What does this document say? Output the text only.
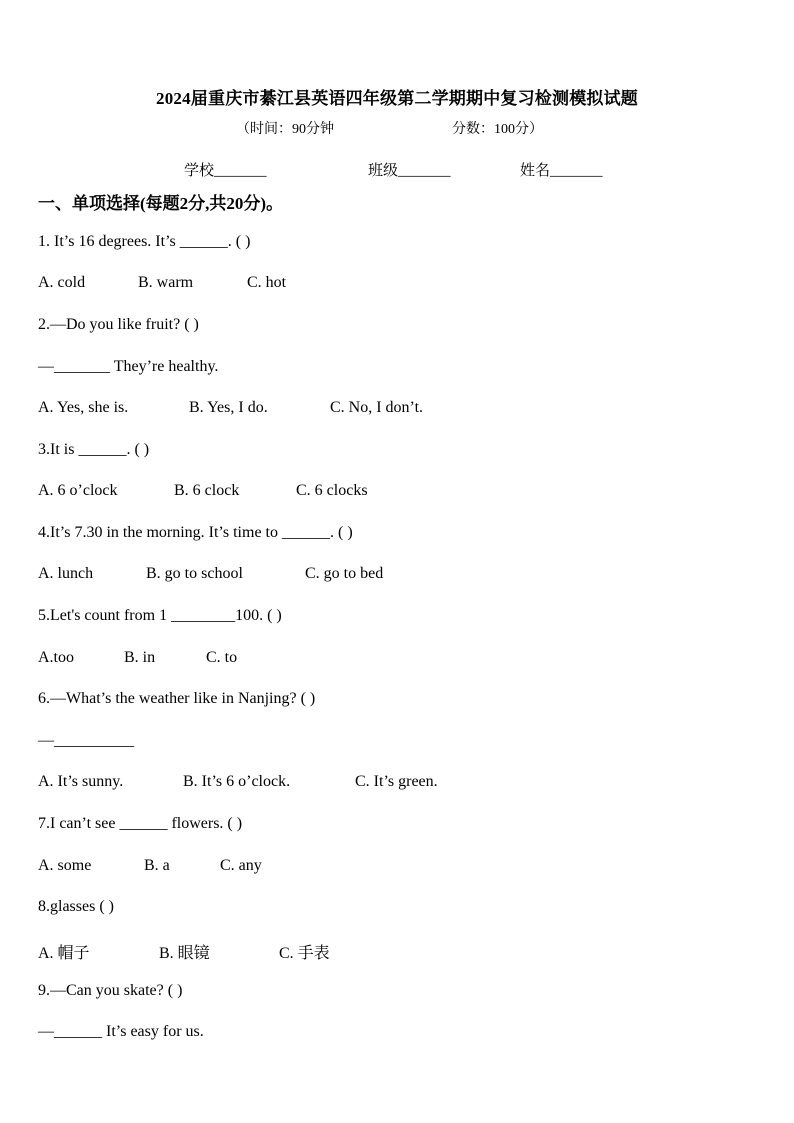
2024届重庆市綦江县英语四年级第二学期期中复习检测模拟试题
（时间：90分钟	分数：100分）
学校_______	班级_______	姓名_______
一、单项选择(每题2分,共20分)。
1. It’s 16 degrees. It’s ______. ( )
A. cold	B. warm	C. hot
2.—Do you like fruit? ( )
—_______ They’re healthy.
A. Yes, she is.	B. Yes, I do.	C. No, I don’t.
3.It is ______. ( )
A. 6 o’clock	B. 6 clock	C. 6 clocks
4.It’s 7.30 in the morning. It’s time to ______. ( )
A. lunch	B. go to school	C. go to bed
5.Let's count from 1 ________100. ( )
A.too	B. in	C. to
6.—What’s the weather like in Nanjing? ( )
—__________
A. It’s sunny.	B. It’s 6 o’clock.	C. It’s green.
7.I can’t see ______ flowers. ( )
A. some	B. a	C. any
8.glasses ( )
A. 帽子	B. 眼镜	C. 手表
9.—Can you skate? ( )
—______ It’s easy for us.
